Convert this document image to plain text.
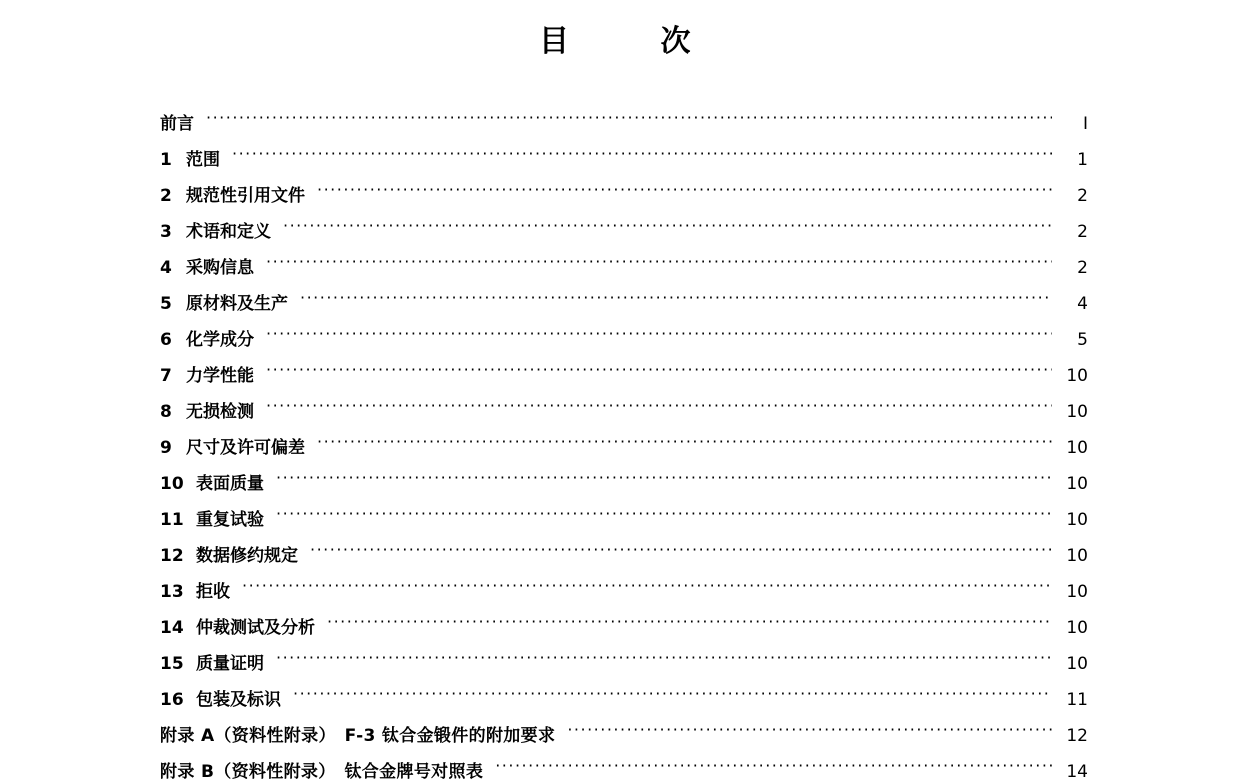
目　　次
前言 ·····	Ⅰ
1 范围 ·····	1
2 规范性引用文件 ·····	2
3 术语和定义 ·····	2
4 采购信息 ·····	2
5 原材料及生产 ·····	4
6 化学成分 ·····	5
7 力学性能 ·····	10
8 无损检测 ·····	10
9 尺寸及许可偏差 ·····	10
10 表面质量 ·····	10
11 重复试验 ·····	10
12 数据修约规定 ·····	10
13 拒收 ·····	10
14 仲裁测试及分析 ·····	10
15 质量证明 ·····	10
16 包装及标识 ·····	11
附录 A（资料性附录）　F-3 钛合金锻件的附加要求 ·····	12
附录 B（资料性附录）　钛合金牌号对照表 ·····	14
